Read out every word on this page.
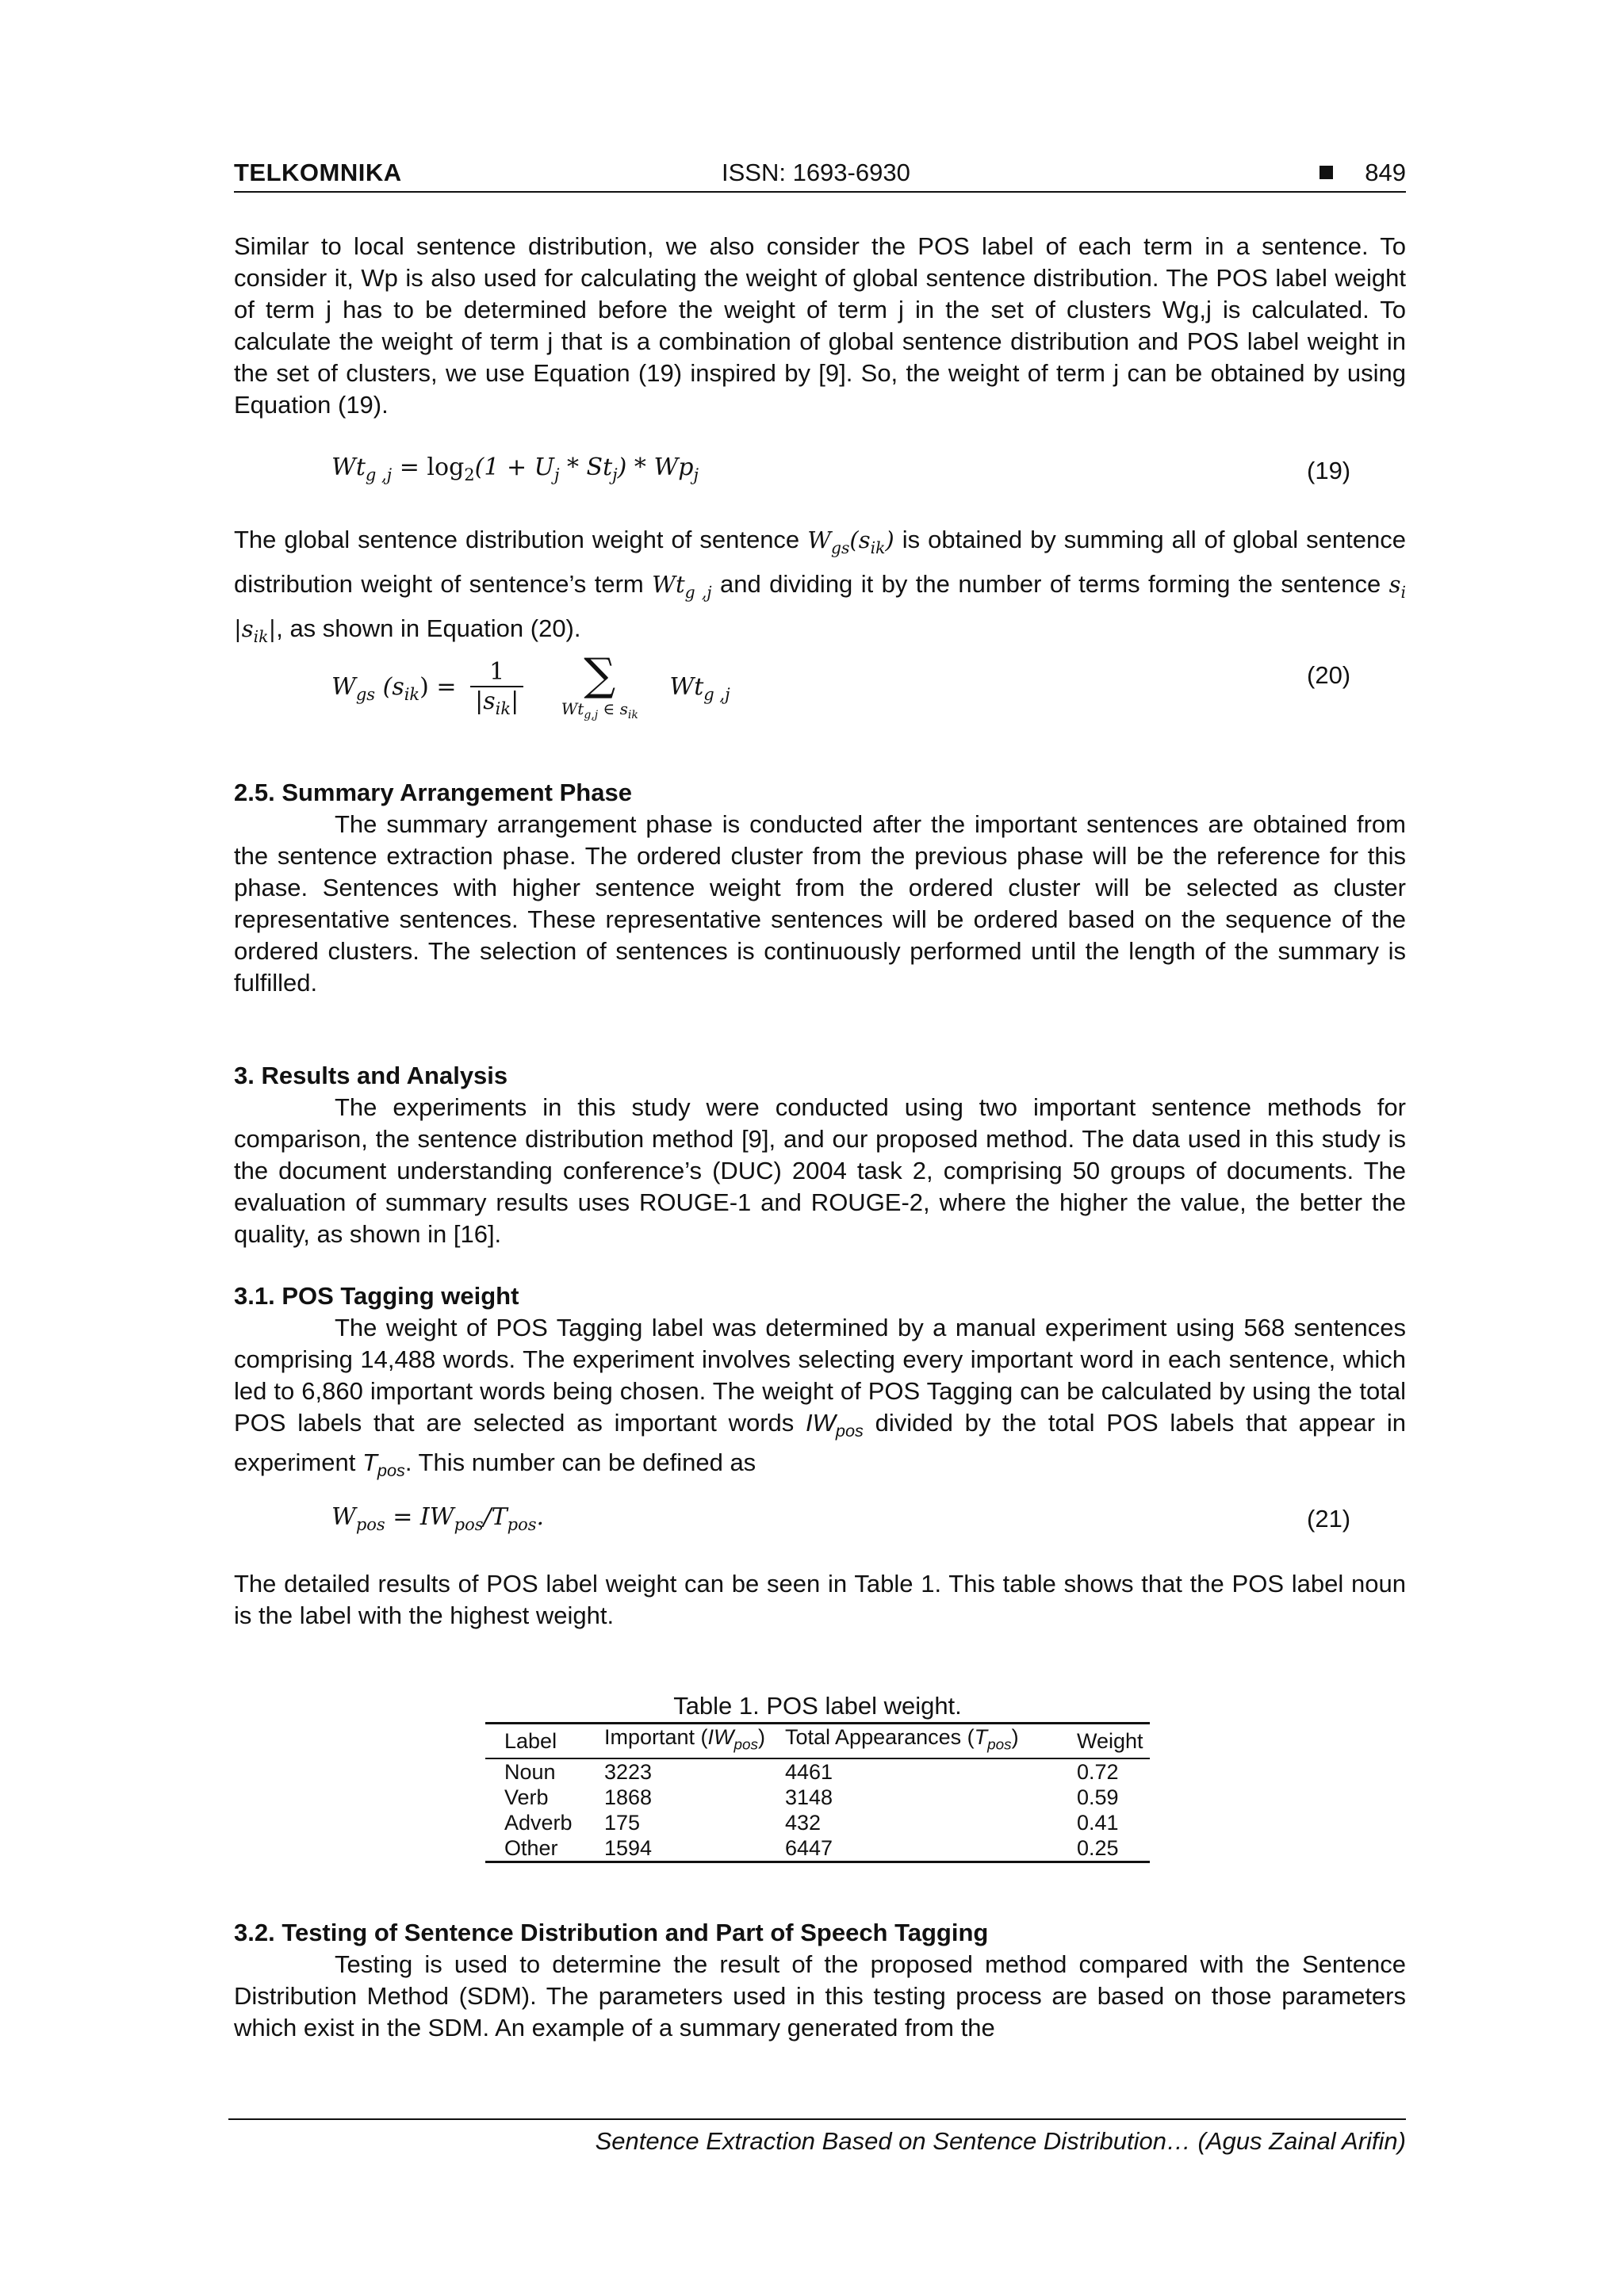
TELKOMNIKA	ISSN: 1693-6930	849

Similar to local sentence distribution, we also consider the POS label of each term in a sentence. To consider it, Wp is also used for calculating the weight of global sentence distribution. The POS label weight of term j has to be determined before the weight of term j in the set of clusters Wg,j is calculated. To calculate the weight of term j that is a combination of global sentence distribution and POS label weight in the set of clusters, we use Equation (19) inspired by [9]. So, the weight of term j can be obtained by using Equation (19).

$Wt_{g ,j} = \log_2(1 + U_j * St_j) * Wp_j$	(19)

The global sentence distribution weight of sentence $W_{gs}(s_{ik})$ is obtained by summing all of global sentence distribution weight of sentence’s term $Wt_{g ,j}$ and dividing it by the number of terms forming the sentence $s_i$ $|s_{ik}|$, as shown in Equation (20).

$W_{gs}$ $(s_{ik}) = \frac{1}{|s_{ik}|}$
	∑
$Wt_{g,j}$ ∈ $s_{ik}$
$Wt_{g ,j}$
(20)
2.5. Summary Arrangement Phase

The summary arrangement phase is conducted after the important sentences are obtained from the sentence extraction phase. The ordered cluster from the previous phase will be the reference for this phase. Sentences with higher sentence weight from the ordered cluster will be selected as cluster representative sentences. These representative sentences will be ordered based on the sequence of the ordered clusters. The selection of sentences is continuously performed until the length of the summary is fulfilled.

3. Results and Analysis

The experiments in this study were conducted using two important sentence methods for comparison, the sentence distribution method [9], and our proposed method. The data used in this study is the document understanding conference’s (DUC) 2004 task 2, comprising 50 groups of documents. The evaluation of summary results uses ROUGE-1 and ROUGE-2, where the higher the value, the better the quality, as shown in [16].

3.1. POS Tagging weight

The weight of POS Tagging label was determined by a manual experiment using 568 sentences comprising 14,488 words. The experiment involves selecting every important word in each sentence, which led to 6,860 important words being chosen. The weight of POS Tagging can be calculated by using the total POS labels that are selected as important words $IW_{pos}$ divided by the total POS labels that appear in experiment $T_{pos}$. This number can be defined as

$W_{pos} = IW_{pos}/T_{pos}$.	(21)

The detailed results of POS label weight can be seen in Table 1. This table shows that the POS label noun is the label with the highest weight.

Table 1. POS label weight.
Label	Important $(IW_{pos})$	Total Appearances $(T_{pos})$	Weight
Noun	3223	4461	0.72
Verb	1868	3148	0.59
Adverb	175	432	0.41
Other	1594	6447	0.25
3.2. Testing of Sentence Distribution and Part of Speech Tagging

Testing is used to determine the result of the proposed method compared with the Sentence Distribution Method (SDM). The parameters used in this testing process are based on those parameters which exist in the SDM. An example of a summary generated from the

Sentence Extraction Based on Sentence Distribution… (Agus Zainal Arifin)
